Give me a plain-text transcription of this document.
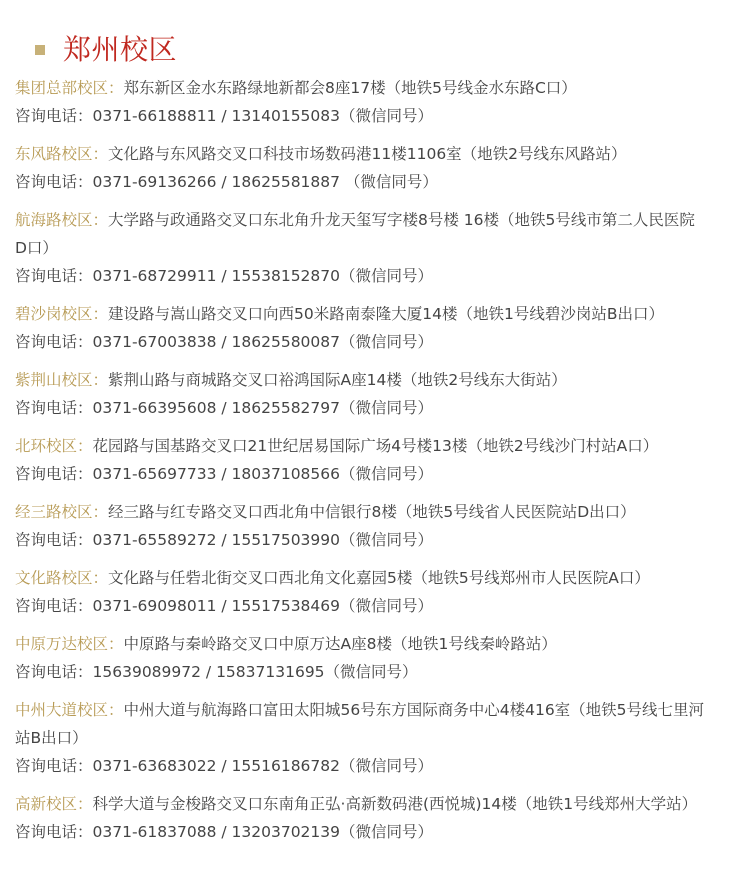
郑州校区
集团总部校区：郑东新区金水东路绿地新都会8座17楼（地铁5号线金水东路C口）
咨询电话：0371-66188811 / 13140155083（微信同号）
东风路校区：文化路与东风路交叉口科技市场数码港11楼1106室（地铁2号线东风路站）
咨询电话：0371-69136266 / 18625581887 （微信同号）
航海路校区：大学路与政通路交叉口东北角升龙天玺写字楼8号楼 16楼（地铁5号线市第二人民医院D口）
咨询电话：0371-68729911 / 15538152870（微信同号）
碧沙岗校区：建设路与嵩山路交叉口向西50米路南泰隆大厦14楼（地铁1号线碧沙岗站B出口）
咨询电话：0371-67003838 / 18625580087（微信同号）
紫荆山校区：紫荆山路与商城路交叉口裕鸿国际A座14楼（地铁2号线东大街站）
咨询电话：0371-66395608 / 18625582797（微信同号）
北环校区：花园路与国基路交叉口21世纪居易国际广场4号楼13楼（地铁2号线沙门村站A口）
咨询电话：0371-65697733 / 18037108566（微信同号）
经三路校区：经三路与红专路交叉口西北角中信银行8楼（地铁5号线省人民医院站D出口）
咨询电话：0371-65589272 / 15517503990（微信同号）
文化路校区：文化路与任砦北街交叉口西北角文化嘉园5楼（地铁5号线郑州市人民医院A口）
咨询电话：0371-69098011 / 15517538469（微信同号）
中原万达校区：中原路与秦岭路交叉口中原万达A座8楼（地铁1号线秦岭路站）
咨询电话：15639089972 / 15837131695（微信同号）
中州大道校区：中州大道与航海路口富田太阳城56号东方国际商务中心4楼416室（地铁5号线七里河站B出口）
咨询电话：0371-63683022 / 15516186782（微信同号）
高新校区：科学大道与金梭路交叉口东南角正弘·高新数码港(西悦城)14楼（地铁1号线郑州大学站）
咨询电话：0371-61837088 / 13203702139（微信同号）
